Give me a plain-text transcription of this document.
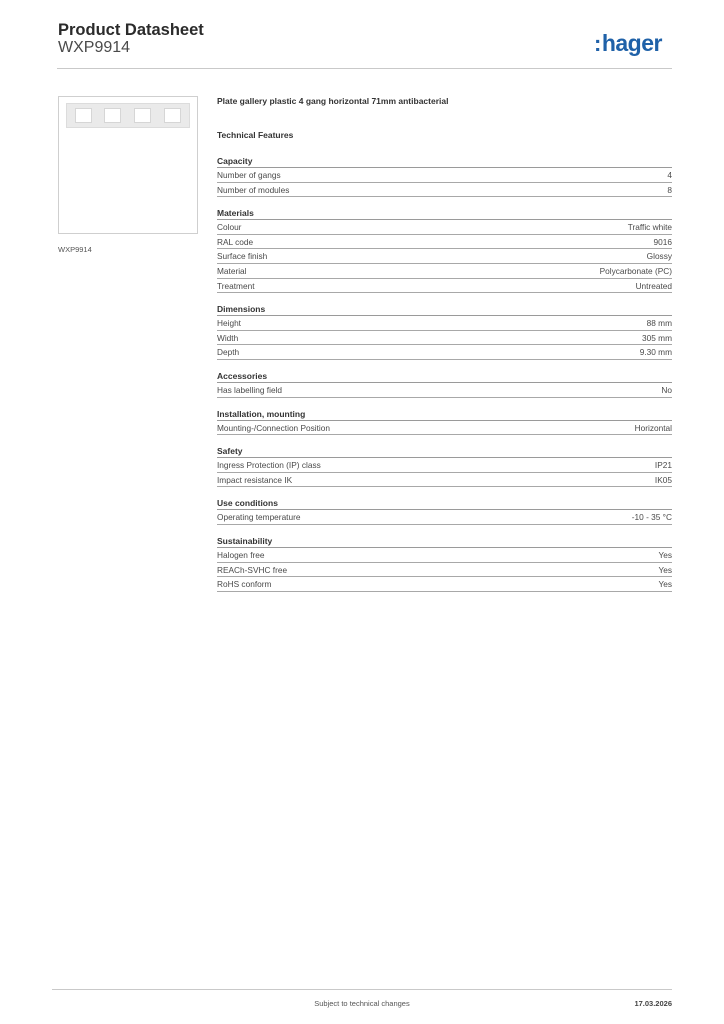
Product Datasheet
WXP9914	:hager
WXP9914
Plate gallery plastic 4 gang horizontal 71mm antibacterial
Technical Features
Capacity
Number of gangs	4
Number of modules	8
Materials
Colour	Traffic white
RAL code	9016
Surface finish	Glossy
Material	Polycarbonate (PC)
Treatment	Untreated
Dimensions
Height	88 mm
Width	305 mm
Depth	9.30 mm
Accessories
Has labelling field	No
Installation, mounting
Mounting-/Connection Position	Horizontal
Safety
Ingress Protection (IP) class	IP21
Impact resistance IK	IK05
Use conditions
Operating temperature	-10 - 35 °C
Sustainability
Halogen free	Yes
REACh-SVHC free	Yes
RoHS conform	Yes
Subject to technical changes	17.03.2026
